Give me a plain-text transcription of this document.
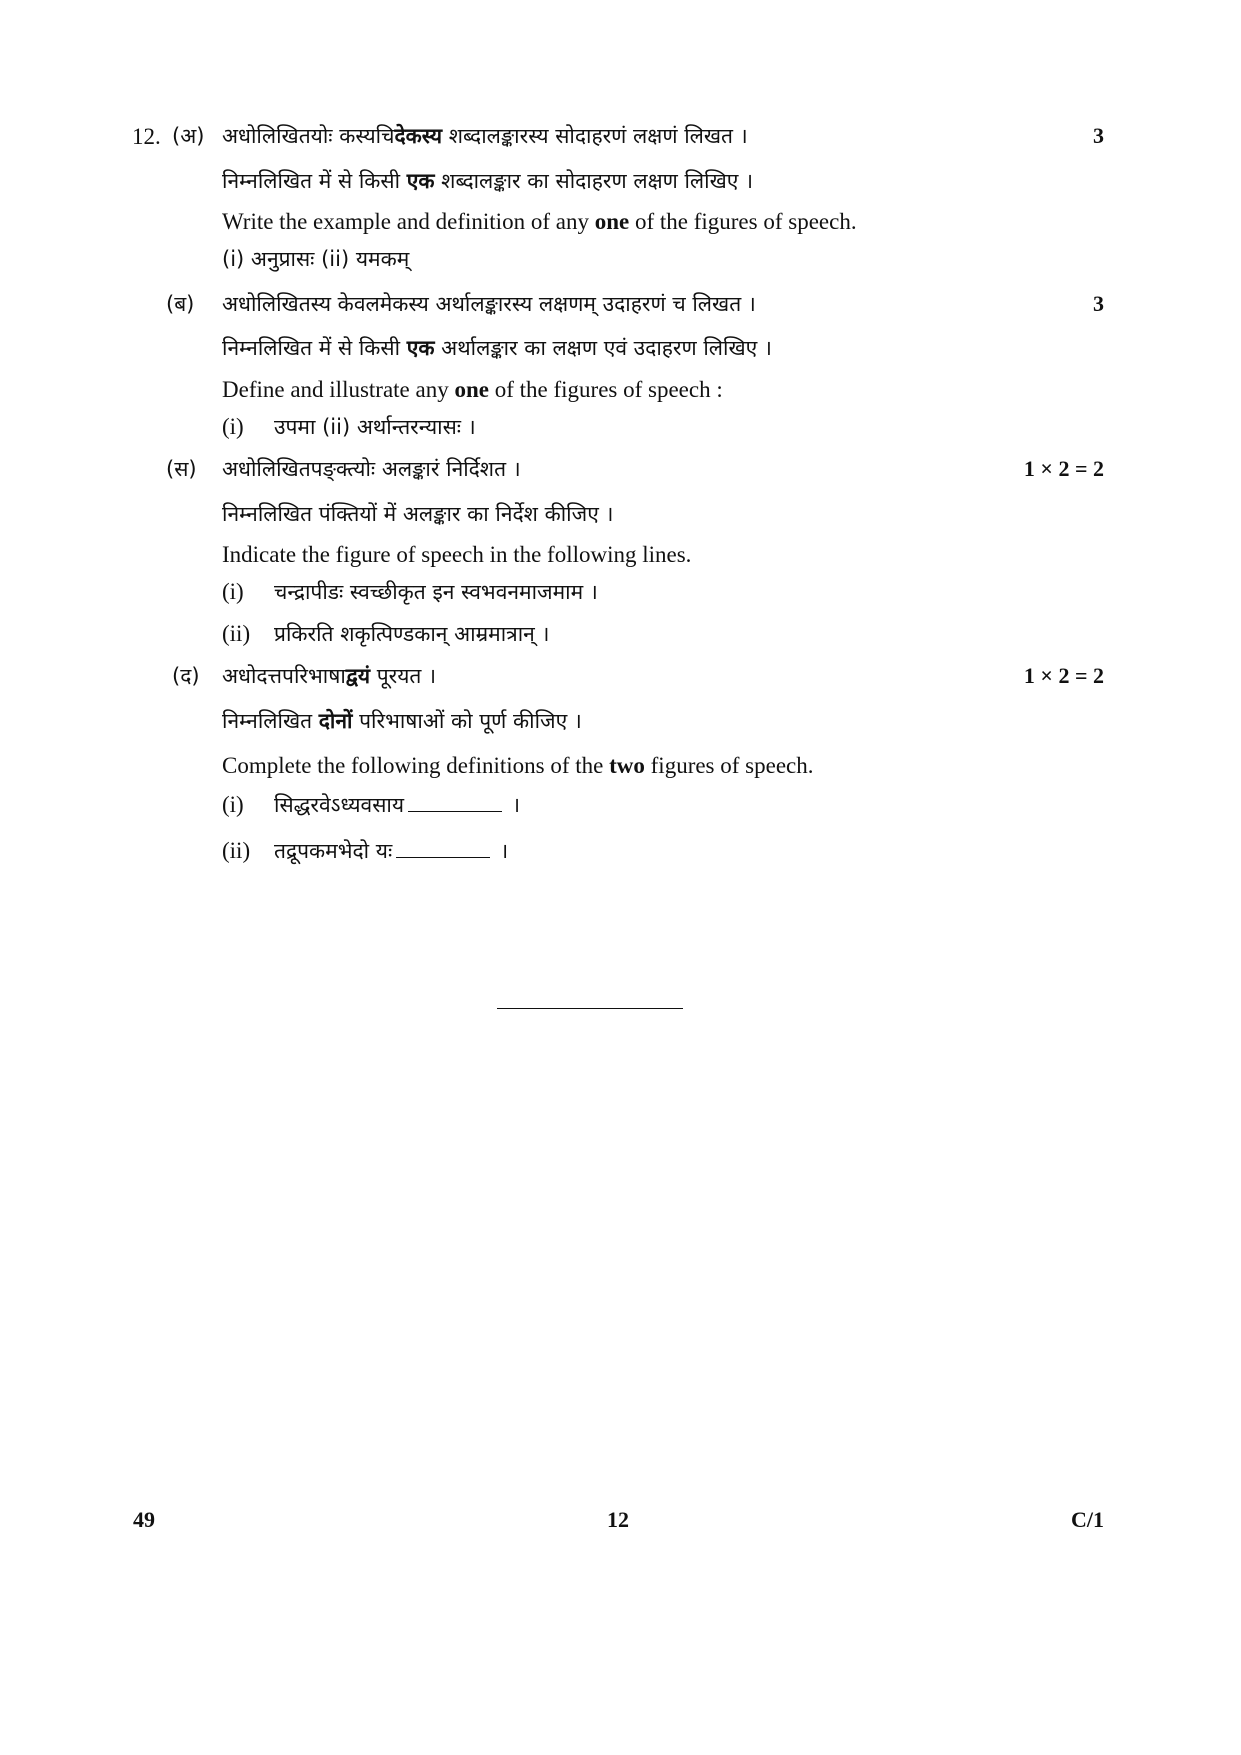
12. (अ) अधोलिखितयोः कस्यचिदेकस्य शब्दालङ्कारस्य सोदाहरणं लक्षणं लिखत ।	3
निम्नलिखित में से किसी एक शब्दालङ्कार का सोदाहरण लक्षण लिखिए ।
Write the example and definition of any one of the figures of speech.
(i) अनुप्रासः (ii) यमकम्
(ब) अधोलिखितस्य केवलमेकस्य अर्थालङ्कारस्य लक्षणम् उदाहरणं च लिखत ।	3
निम्नलिखित में से किसी एक अर्थालङ्कार का लक्षण एवं उदाहरण लिखिए ।
Define and illustrate any one of the figures of speech :
(i) उपमा (ii) अर्थान्तरन्यासः ।
(स) अधोलिखितपङ्क्त्योः अलङ्कारं निर्दिशत ।	1 × 2 = 2
निम्नलिखित पंक्तियों में अलङ्कार का निर्देश कीजिए ।
Indicate the figure of speech in the following lines.
(i) चन्द्रापीडः स्वच्छीकृत इन स्वभवनमाजमाम ।
(ii) प्रकिरति शकृत्पिण्डकान् आम्रमात्रान् ।
(द) अधोदत्तपरिभाषाद्वयं पूरयत ।	1 × 2 = 2
निम्नलिखित दोनों परिभाषाओं को पूर्ण कीजिए ।
Complete the following definitions of the two figures of speech.
(i) सिद्धरवेऽध्यवसाय	।
(ii) तद्रूपकमभेदो यः	।
49	12	C/1
